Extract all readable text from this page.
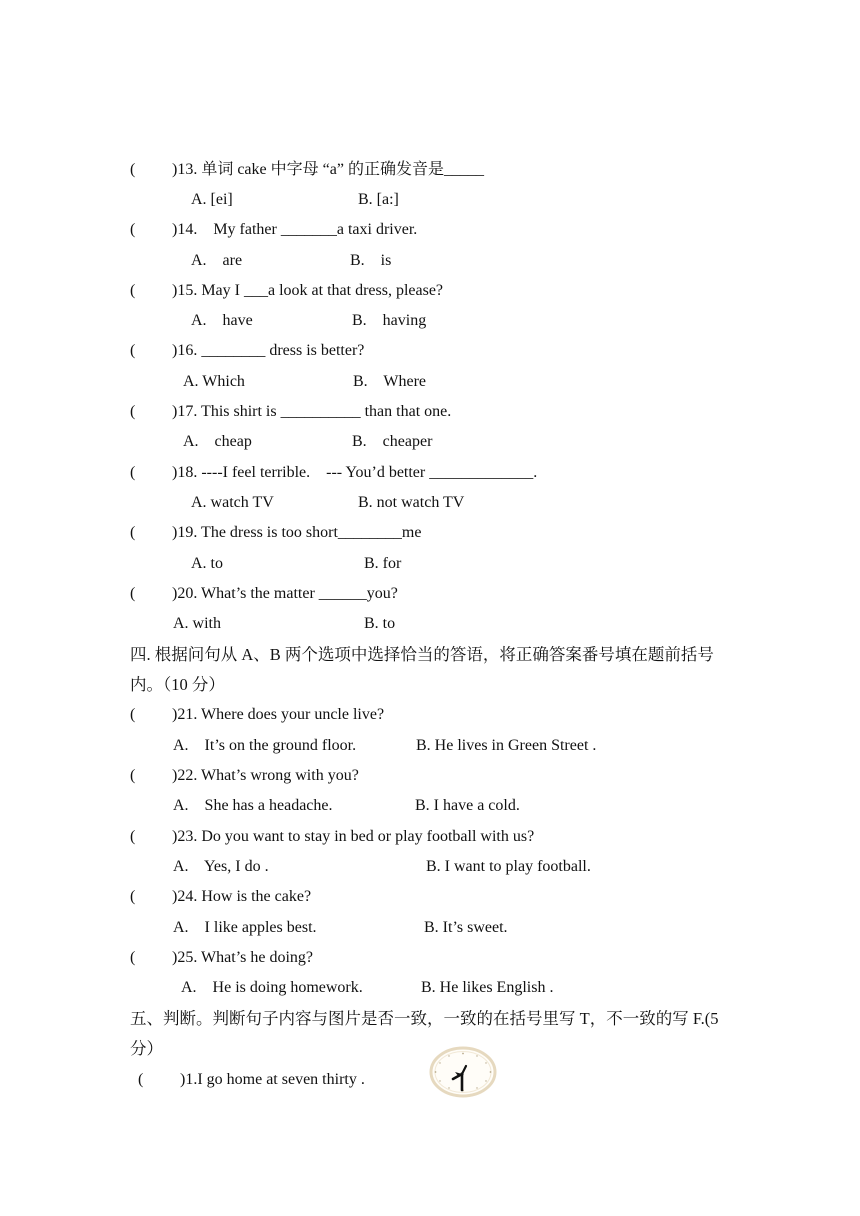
( )13. 单词 cake 中字母 “a” 的正确发音是_____
A. [ei]	B. [a:]
( )14.    My father _______a taxi driver.
A.    are	B.    is
( )15. May I ___a look at that dress, please?
A.    have	B.    having
( )16. ________ dress is better?
A. Which	B.    Where
( )17. This shirt is __________ than that one.
A.    cheap	B.    cheaper
( )18. ----I feel terrible.    --- You’d better _____________.
A. watch TV	B. not watch TV
( )19. The dress is too short________me
A. to	B. for
( )20. What’s the matter ______you?
A. with	B. to
四. 根据问句从 A、B 两个选项中选择恰当的答语，将正确答案番号填在题前括号
内。（10 分）
( )21. Where does your uncle live?
A.    It’s on the ground floor.	B. He lives in Green Street .
( )22. What’s wrong with you?
A.    She has a headache.	B. I have a cold.
( )23. Do you want to stay in bed or play football with us?
A.    Yes, I do .	B. I want to play football.
( )24. How is the cake?
A.    I like apples best.	B. It’s sweet.
( )25. What’s he doing?
A.    He is doing homework.	B. He likes English .
五、判断。判断句子内容与图片是否一致，一致的在括号里写 T，不一致的写 F.(5
分）
( )1.I go home at seven thirty .
